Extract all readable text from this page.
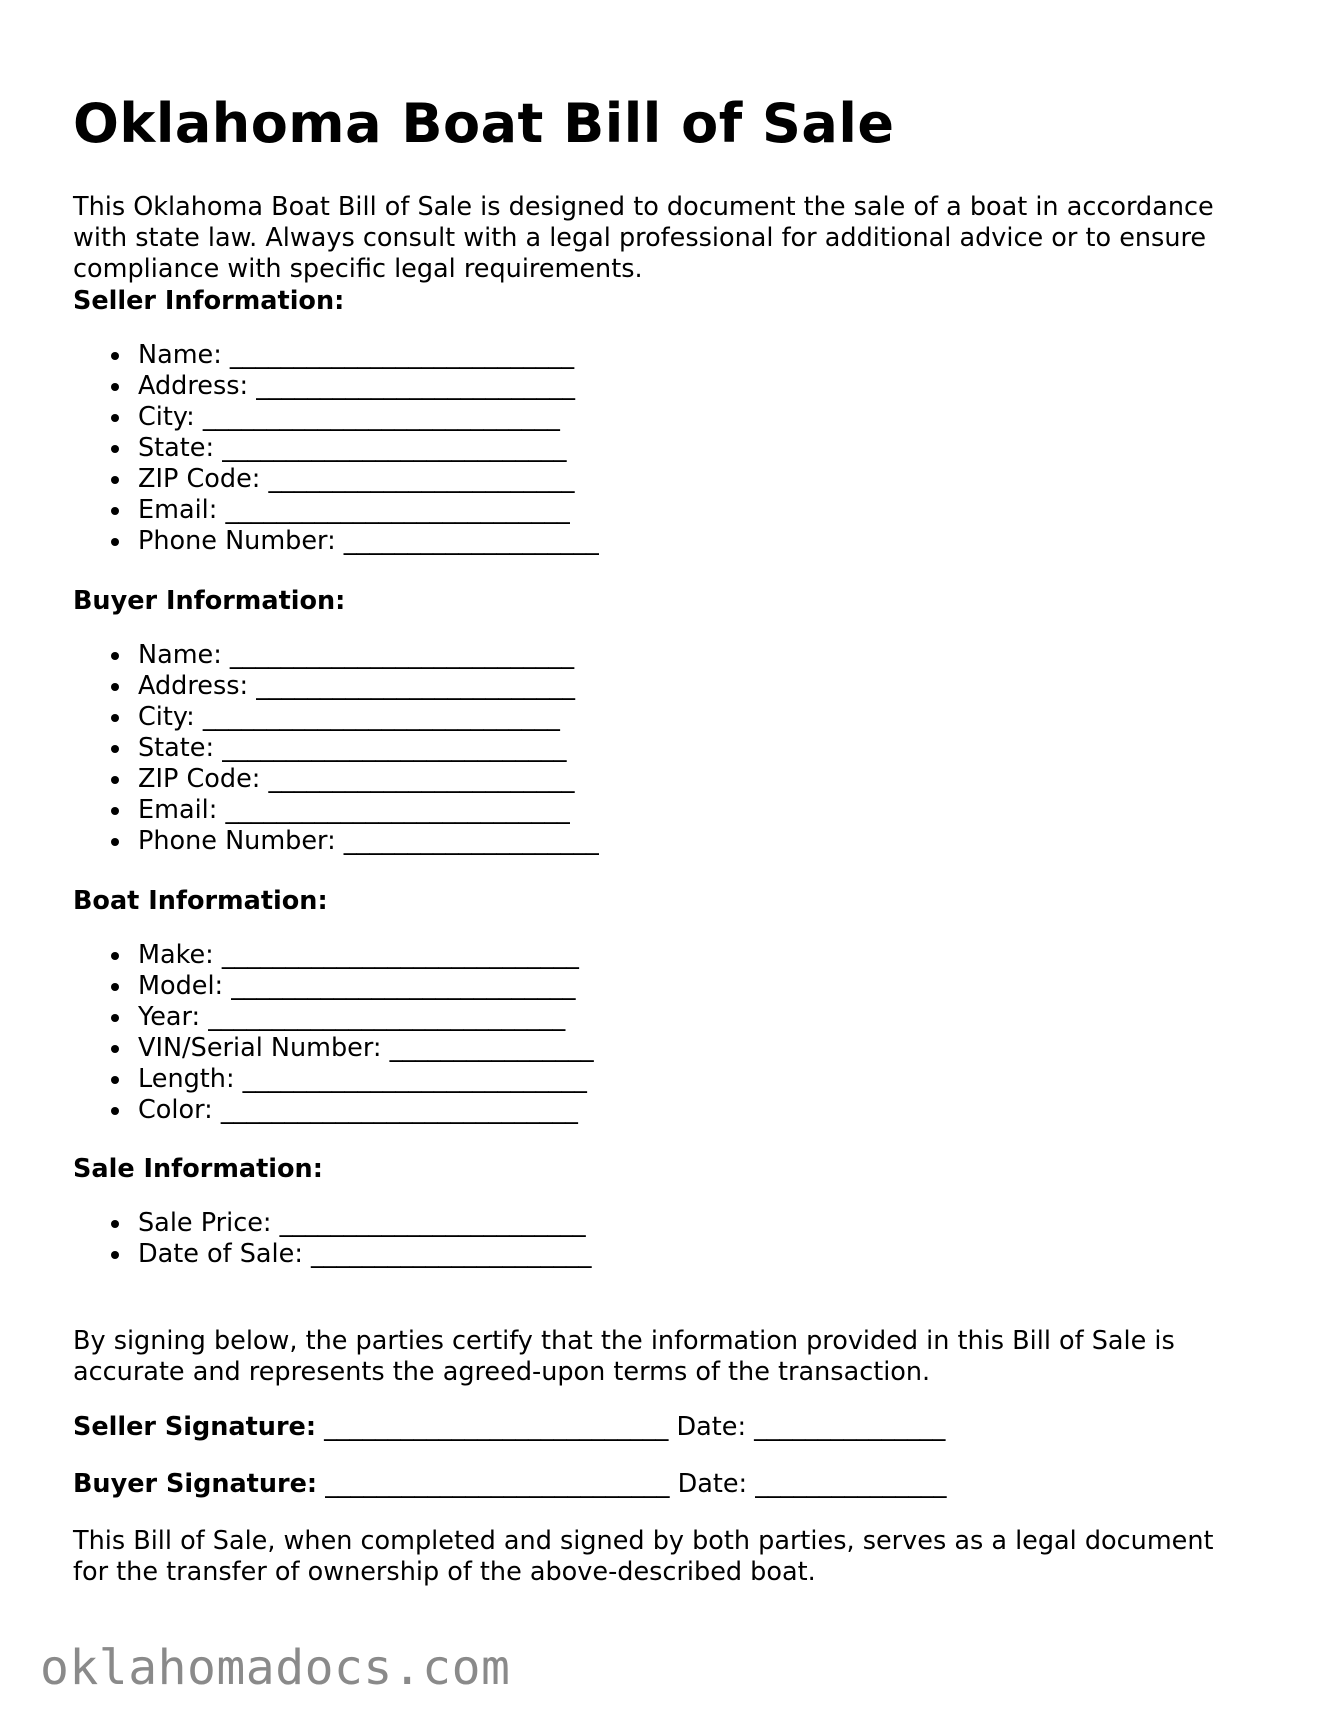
Oklahoma Boat Bill of Sale

This Oklahoma Boat Bill of Sale is designed to document the sale of a boat in accordance with state law. Always consult with a legal professional for additional advice or to ensure compliance with specific legal requirements.

Seller Information:
Name: ___________________________
Address: _________________________
City: ____________________________
State: ___________________________
ZIP Code: ________________________
Email: ___________________________
Phone Number: ____________________
Buyer Information:
Name: ___________________________
Address: _________________________
City: ____________________________
State: ___________________________
ZIP Code: ________________________
Email: ___________________________
Phone Number: ____________________
Boat Information:
Make: ____________________________
Model: ___________________________
Year: ____________________________
VIN/Serial Number: ________________
Length: ___________________________
Color: ____________________________
Sale Information:
Sale Price: ________________________
Date of Sale: ______________________

By signing below, the parties certify that the information provided in this Bill of Sale is accurate and represents the agreed-upon terms of the transaction.

Seller Signature: ___________________________ Date: _______________

Buyer Signature: ___________________________ Date: _______________

This Bill of Sale, when completed and signed by both parties, serves as a legal document for the transfer of ownership of the above-described boat.

oklahomadocs.com
